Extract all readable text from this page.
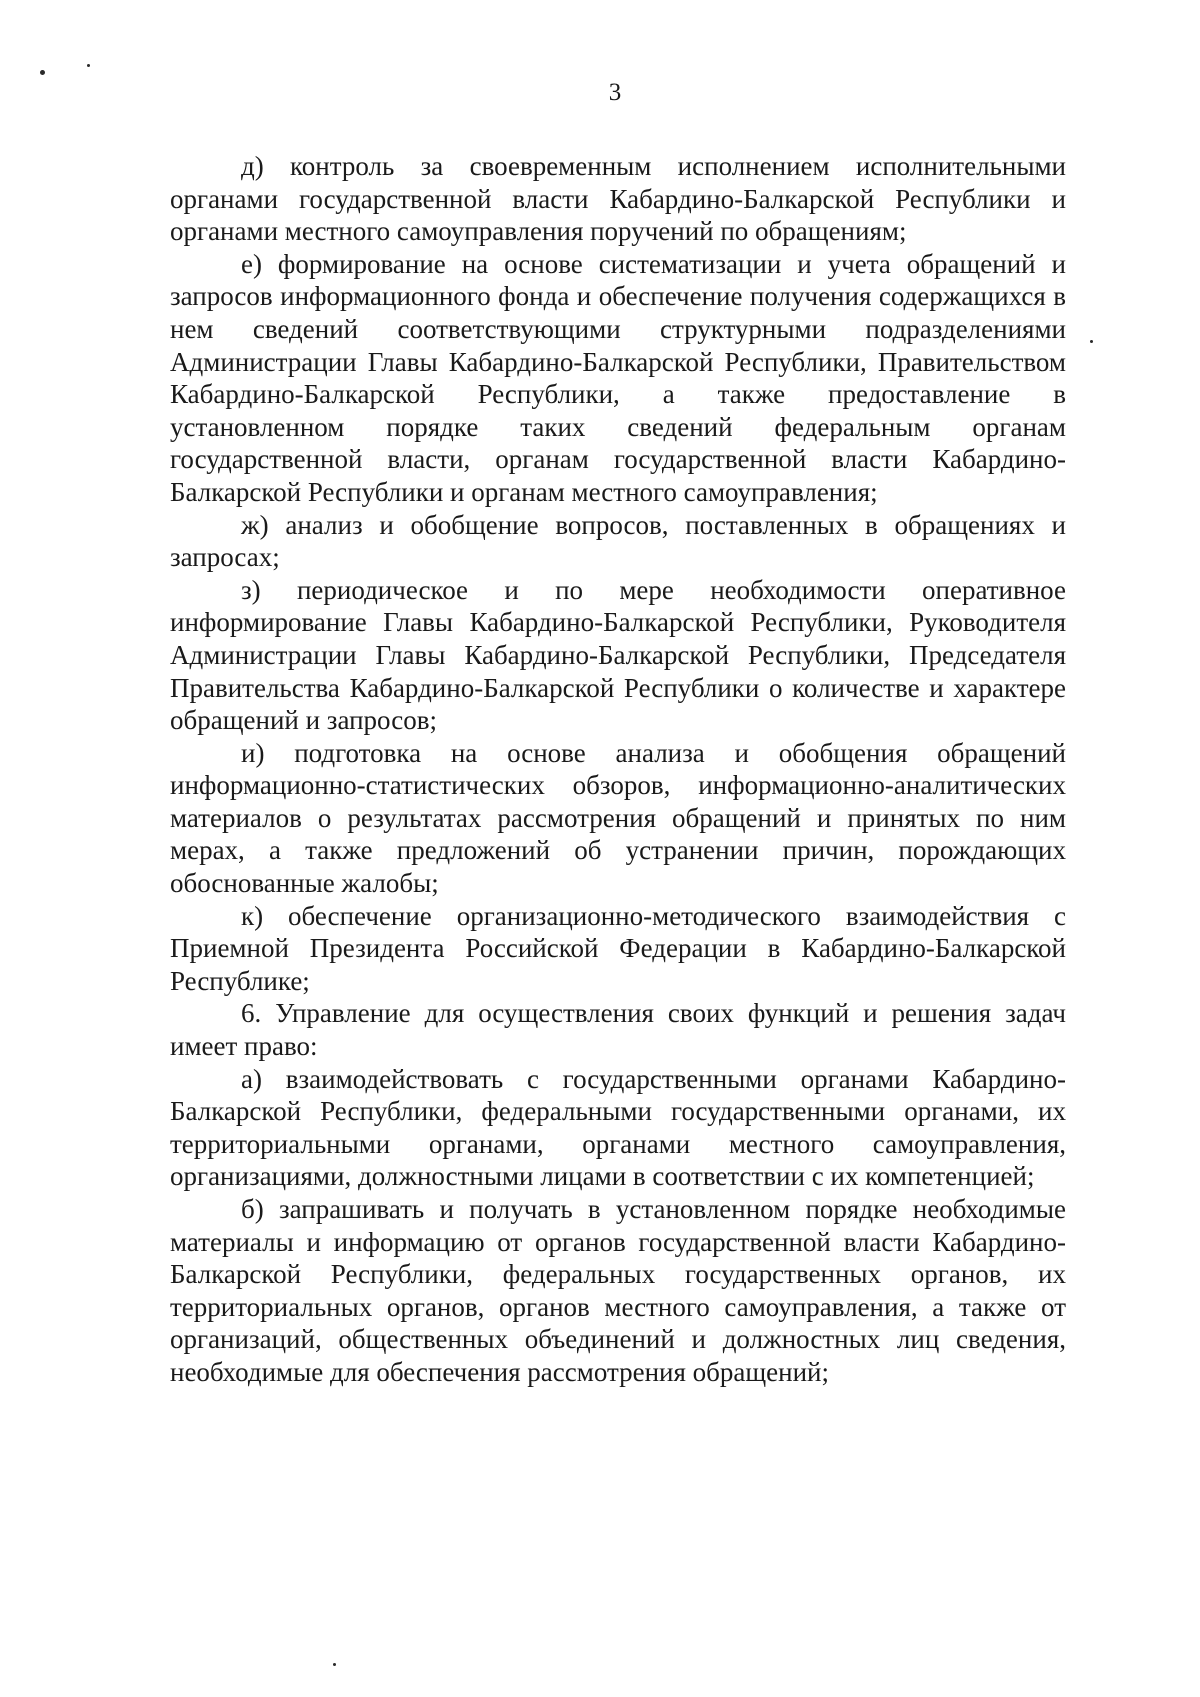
3

д) контроль за своевременным исполнением исполнительными органами государственной власти Кабардино-Балкарской Республики и органами местного самоуправления поручений по обращениям;

е) формирование на основе систематизации и учета обращений и запросов информационного фонда и обеспечение получения содержащихся в нем сведений соответствующими структурными подразделениями Администрации Главы Кабардино-Балкарской Республики, Правительством Кабардино-Балкарской Республики, а также предоставление в установленном порядке таких сведений федеральным органам государственной власти, органам государственной власти Кабардино-Балкарской Республики и органам местного самоуправления;

ж) анализ и обобщение вопросов, поставленных в обращениях и запросах;

з) периодическое и по мере необходимости оперативное информирование Главы Кабардино-Балкарской Республики, Руководителя Администрации Главы Кабардино-Балкарской Республики, Председателя Правительства Кабардино-Балкарской Республики о количестве и характере обращений и запросов;

и) подготовка на основе анализа и обобщения обращений информационно-статистических обзоров, информационно-аналитических материалов о результатах рассмотрения обращений и принятых по ним мерах, а также предложений об устранении причин, порождающих обоснованные жалобы;

к) обеспечение организационно-методического взаимодействия с Приемной Президента Российской Федерации в Кабардино-Балкарской Республике;

6. Управление для осуществления своих функций и решения задач имеет право:

а) взаимодействовать с государственными органами Кабардино-Балкарской Республики, федеральными государственными органами, их территориальными органами, органами местного самоуправления, организациями, должностными лицами в соответствии с их компетенцией;

б) запрашивать и получать в установленном порядке необходимые материалы и информацию от органов государственной власти Кабардино-Балкарской Республики, федеральных государственных органов, их территориальных органов, органов местного самоуправления, а также от организаций, общественных объединений и должностных лиц сведения, необходимые для обеспечения рассмотрения обращений;
